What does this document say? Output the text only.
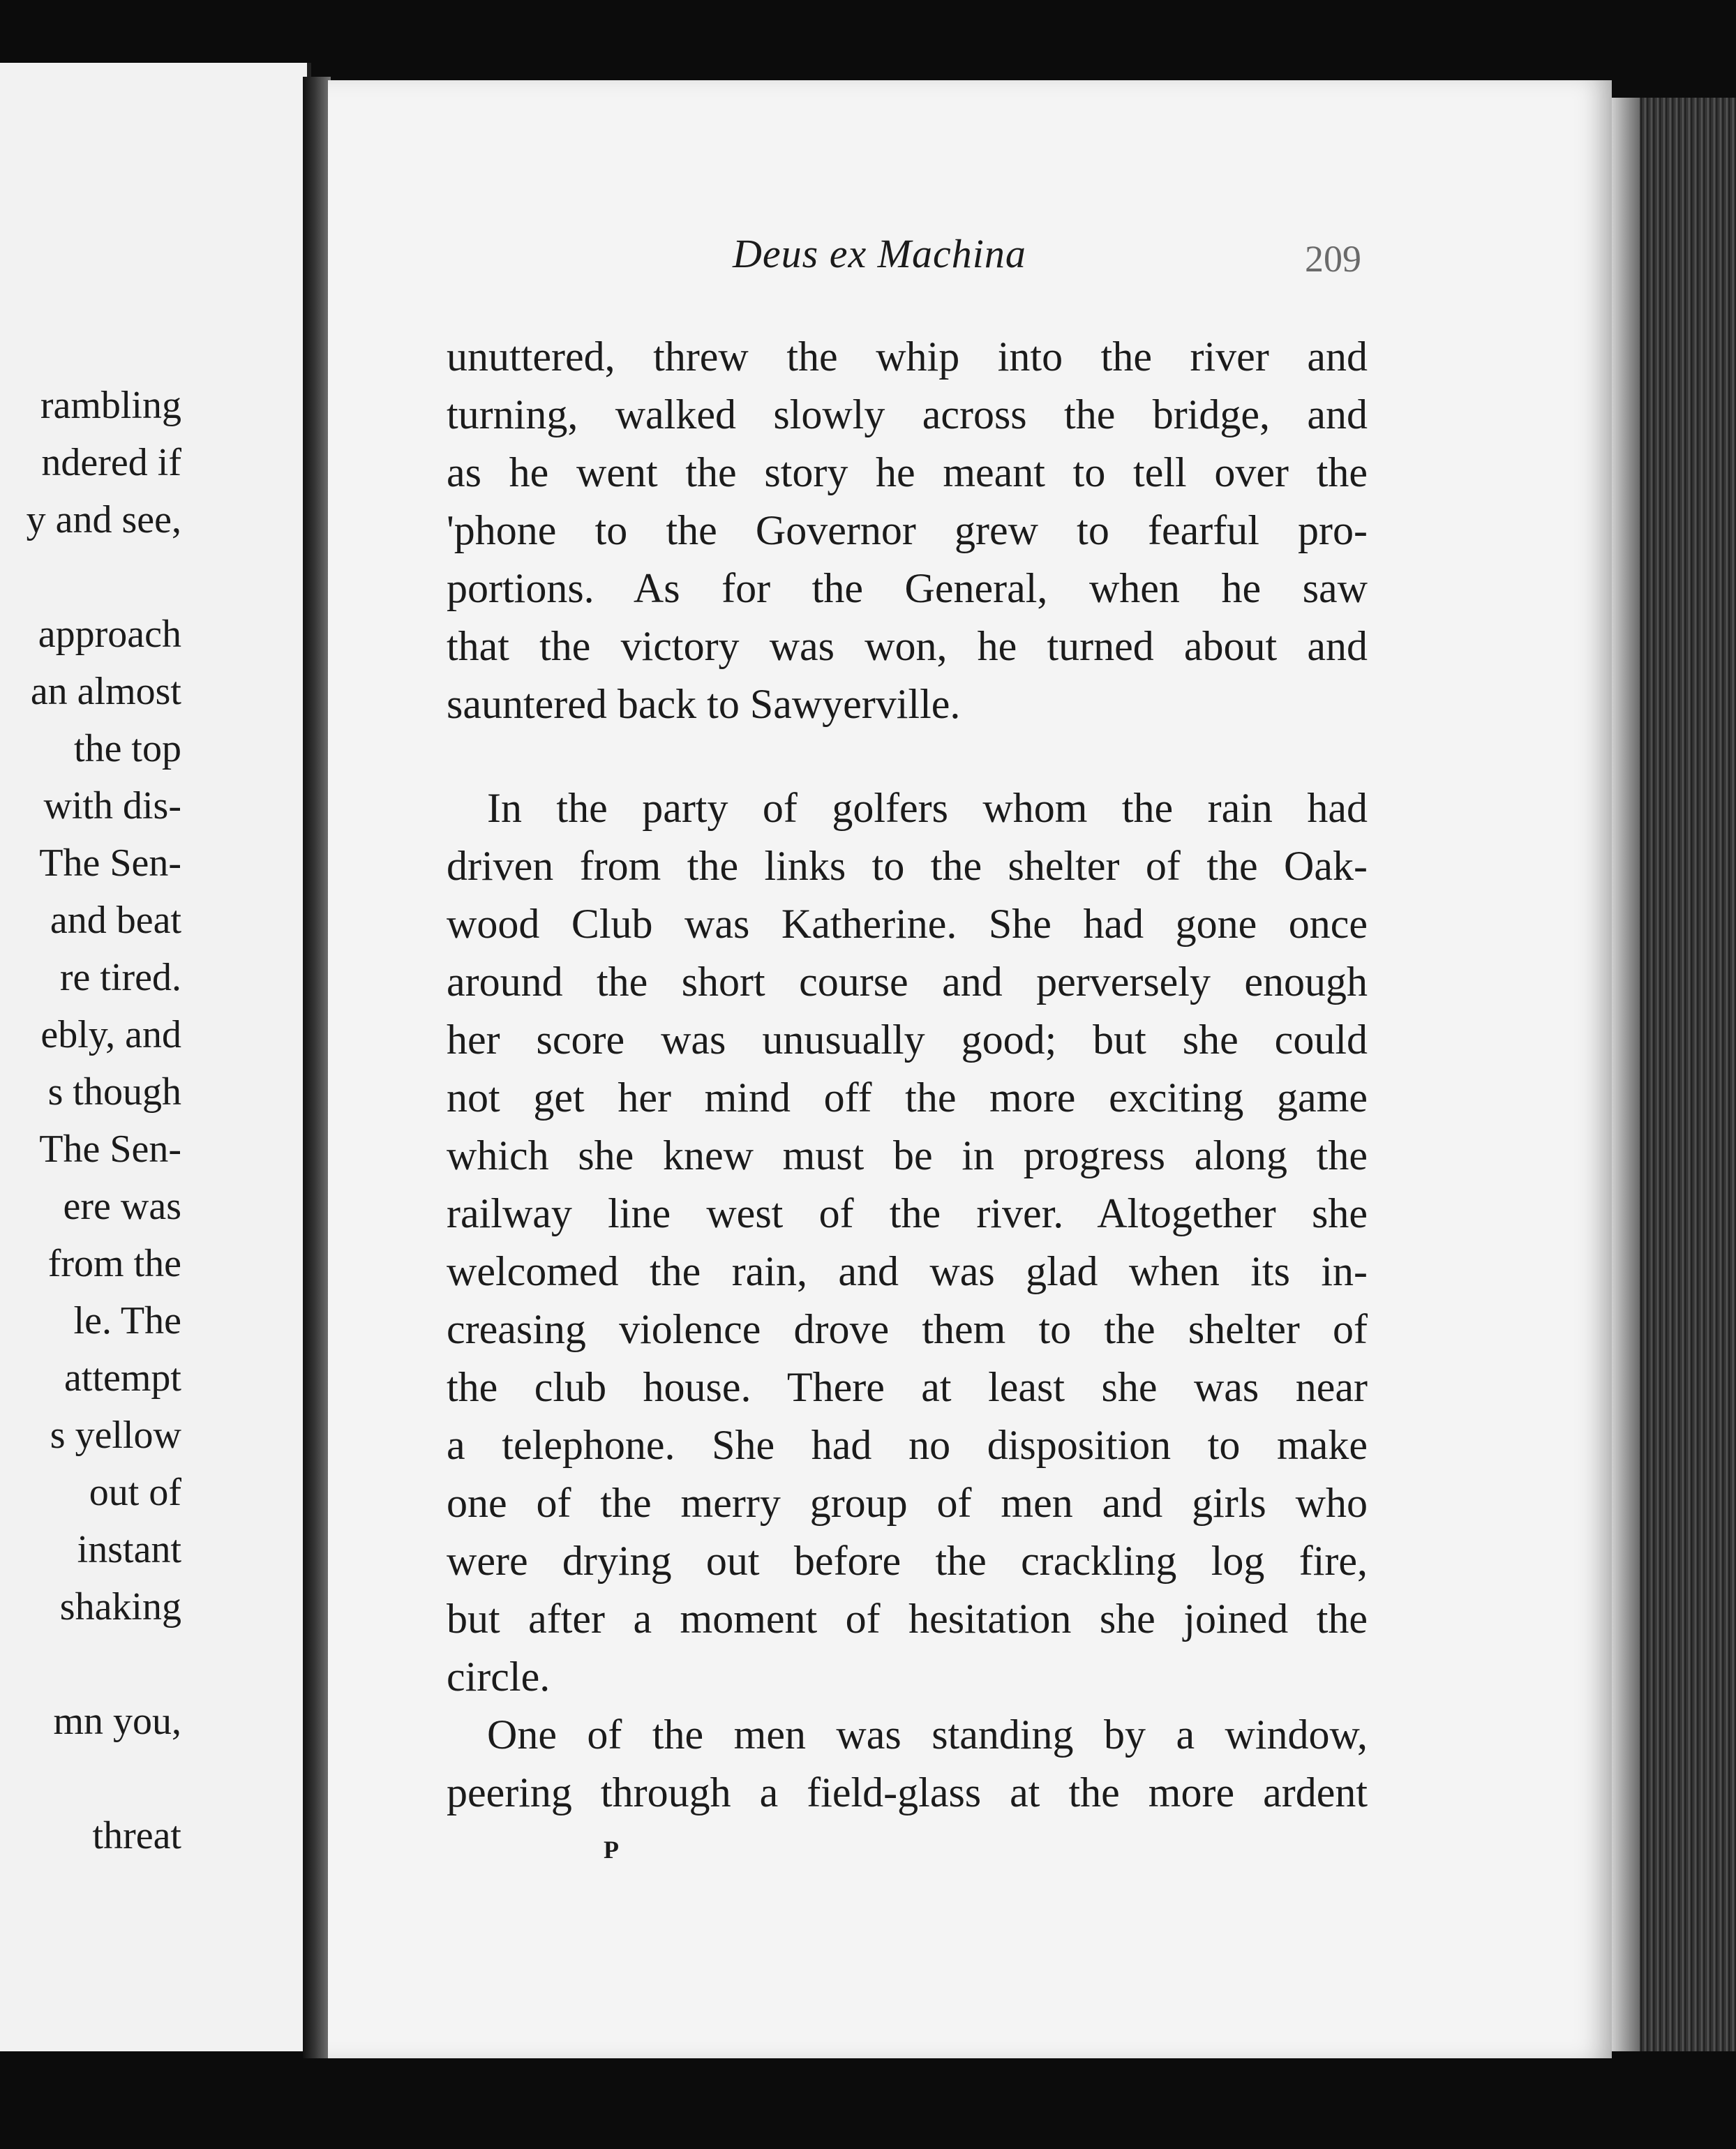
rambling
ndered if
y and see,
approach
an almost
the top
with dis-
The Sen-
and beat
re tired.
ebly, and
s though
The Sen-
ere was
from the
le. The
attempt
s yellow
out of
instant
shaking
mn you,
threat
Deus ex Machina	209
unuttered, threw the whip into the river and
turning, walked slowly across the bridge, and
as he went the story he meant to tell over the
'phone to the Governor grew to fearful pro-
portions. As for the General, when he saw
that the victory was won, he turned about and
sauntered back to Sawyerville.
In the party of golfers whom the rain had
driven from the links to the shelter of the Oak-
wood Club was Katherine. She had gone once
around the short course and perversely enough
her score was unusually good; but she could
not get her mind off the more exciting game
which she knew must be in progress along the
railway line west of the river. Altogether she
welcomed the rain, and was glad when its in-
creasing violence drove them to the shelter of
the club house. There at least she was near
a telephone. She had no disposition to make
one of the merry group of men and girls who
were drying out before the crackling log fire,
but after a moment of hesitation she joined the
circle.
One of the men was standing by a window,
peering through a field-glass at the more ardent
P
